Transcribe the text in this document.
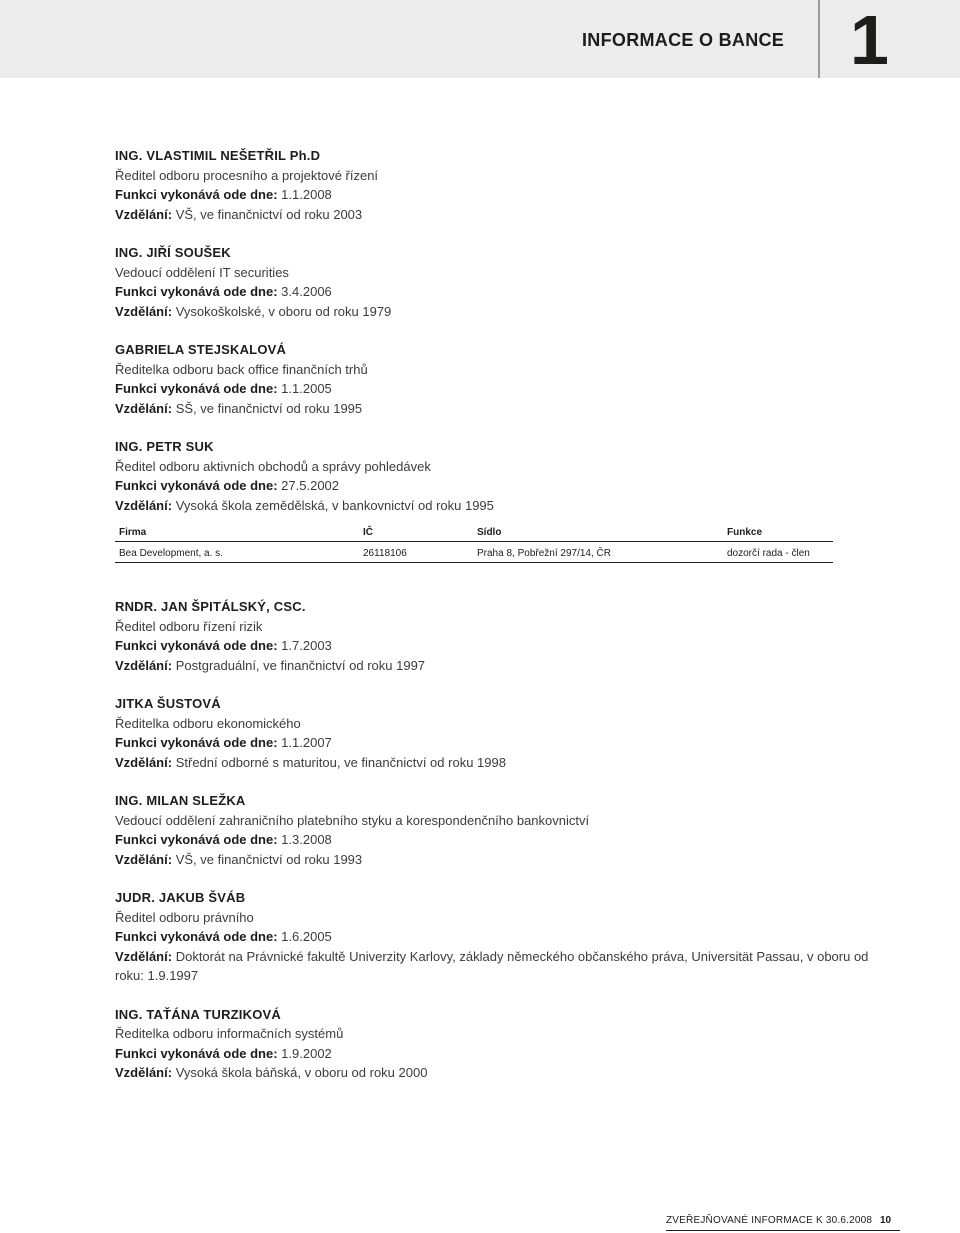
INFORMACE O BANCE 1
ING. VLASTIMIL NEŠETŘIL Ph.D
Ředitel odboru procesního a projektové řízení
Funkci vykonává ode dne: 1.1.2008
Vzdělání: VŠ, ve finančnictví od roku 2003
ING. JIŘÍ SOUŠEK
Vedoucí oddělení IT securities
Funkci vykonává ode dne: 3.4.2006
Vzdělání: Vysokoškolské, v oboru od roku 1979
GABRIELA STEJSKALOVÁ
Ředitelka odboru back office finančních trhů
Funkci vykonává ode dne: 1.1.2005
Vzdělání: SŠ, ve finančnictví od roku 1995
ING. PETR SUK
Ředitel odboru aktivních obchodů a správy pohledávek
Funkci vykonává ode dne: 27.5.2002
Vzdělání: Vysoká škola zemědělská, v bankovnictví od roku 1995
Firma	IČ	Sídlo	Funkce
Bea Development, a. s.	26118106	Praha 8, Pobřežní 297/14, ČR	dozorčí rada - člen
RNDR. JAN ŠPITÁLSKÝ, CSC.
Ředitel odboru řízení rizik
Funkci vykonává ode dne: 1.7.2003
Vzdělání: Postgraduální, ve finančnictví od roku 1997
JITKA ŠUSTOVÁ
Ředitelka odboru ekonomického
Funkci vykonává ode dne: 1.1.2007
Vzdělání: Střední odborné s maturitou, ve finančnictví od roku 1998
ING. MILAN SLEŽKA
Vedoucí oddělení zahraničního platebního styku a korespondenčního bankovnictví
Funkci vykonává ode dne: 1.3.2008
Vzdělání: VŠ, ve finančnictví od roku 1993
JUDR. JAKUB ŠVÁB
Ředitel odboru právního
Funkci vykonává ode dne: 1.6.2005
Vzdělání: Doktorát na Právnické fakultě Univerzity Karlovy, základy německého občanského práva, Universität Passau, v oboru od roku: 1.9.1997
ING. TAŤÁNA TURZIKOVÁ
Ředitelka odboru informačních systémů
Funkci vykonává ode dne: 1.9.2002
Vzdělání: Vysoká škola báňská, v oboru od roku 2000
ZVEŘEJŇOVANÉ INFORMACE K 30.6.2008 10
